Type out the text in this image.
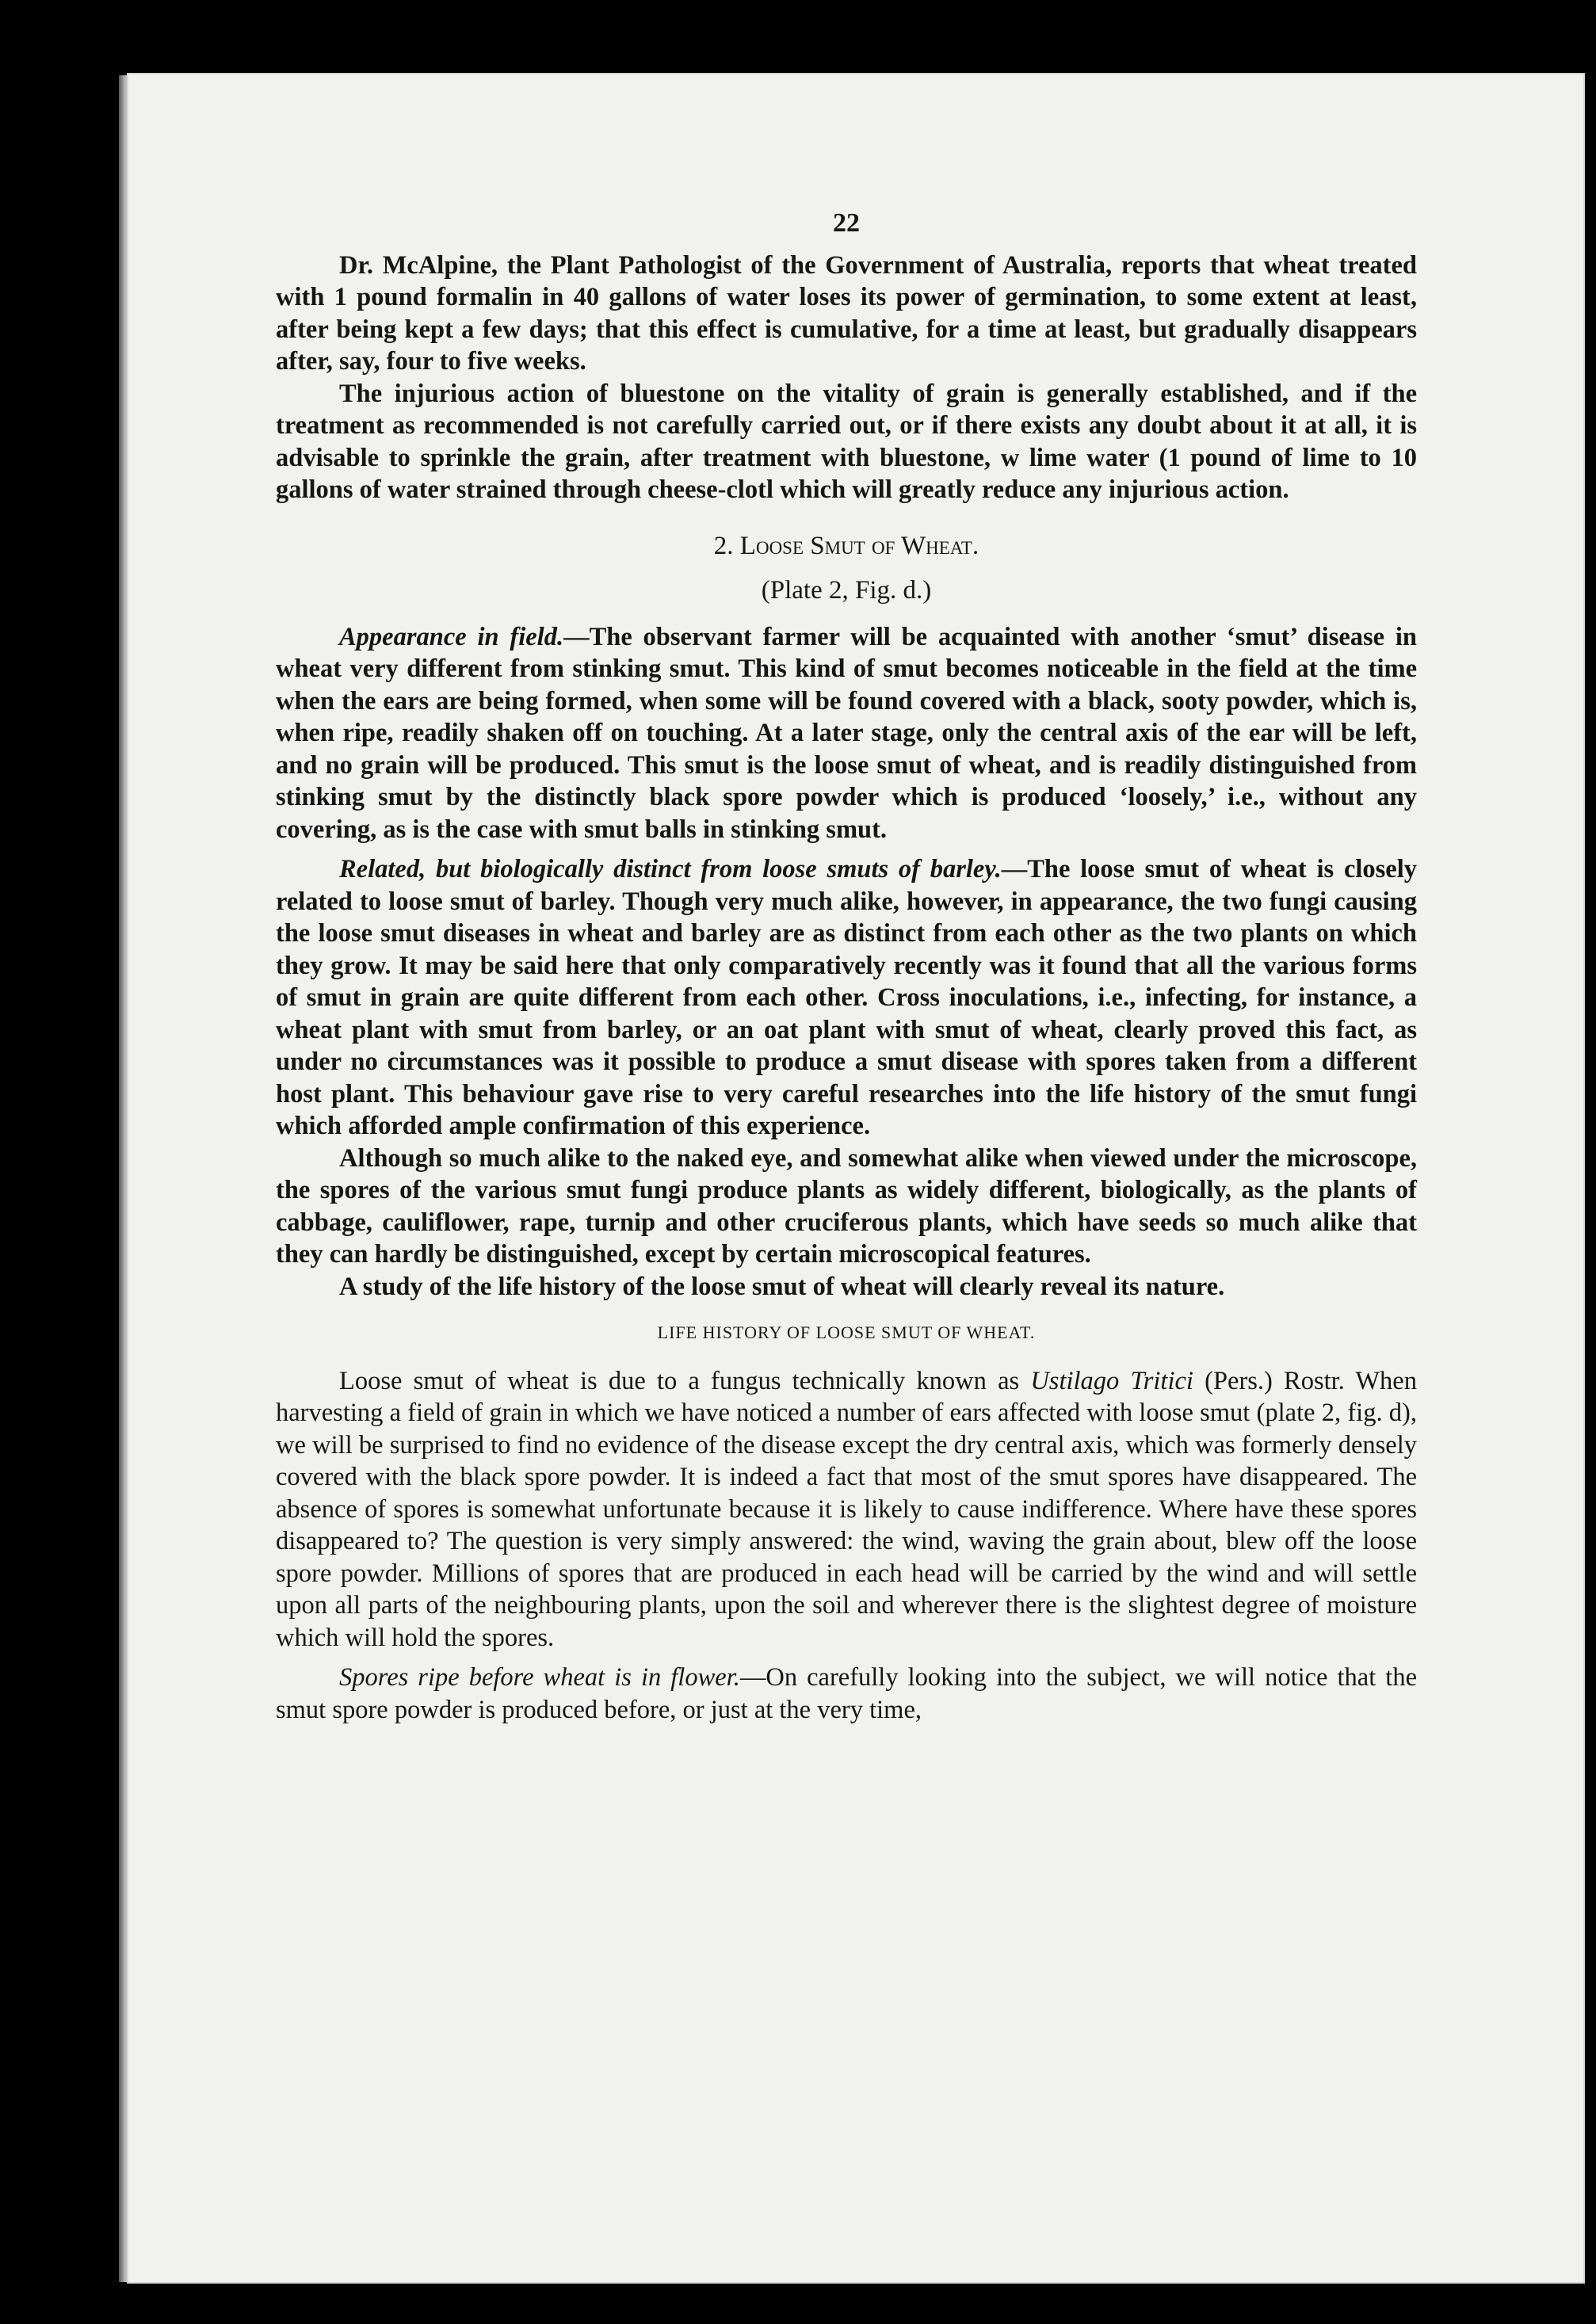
22

Dr. McAlpine, the Plant Pathologist of the Government of Australia, reports that wheat treated with 1 pound formalin in 40 gallons of water loses its power of germination, to some extent at least, after being kept a few days; that this effect is cumulative, for a time at least, but gradually disappears after, say, four to five weeks.

The injurious action of bluestone on the vitality of grain is generally established, and if the treatment as recommended is not carefully carried out, or if there exists any doubt about it at all, it is advisable to sprinkle the grain, after treatment with bluestone, w lime water (1 pound of lime to 10 gallons of water strained through cheese-clotl which will greatly reduce any injurious action.

2. Loose Smut of Wheat.
(Plate 2, Fig. d.)

Appearance in field.—The observant farmer will be acquainted with another ‘smut’ disease in wheat very different from stinking smut. This kind of smut becomes noticeable in the field at the time when the ears are being formed, when some will be found covered with a black, sooty powder, which is, when ripe, readily shaken off on touching. At a later stage, only the central axis of the ear will be left, and no grain will be produced. This smut is the loose smut of wheat, and is readily distinguished from stinking smut by the distinctly black spore powder which is produced ‘loosely,’ i.e., without any covering, as is the case with smut balls in stinking smut.

Related, but biologically distinct from loose smuts of barley.—The loose smut of wheat is closely related to loose smut of barley. Though very much alike, however, in appearance, the two fungi causing the loose smut diseases in wheat and barley are as distinct from each other as the two plants on which they grow. It may be said here that only comparatively recently was it found that all the various forms of smut in grain are quite different from each other. Cross inoculations, i.e., infecting, for instance, a wheat plant with smut from barley, or an oat plant with smut of wheat, clearly proved this fact, as under no circumstances was it possible to produce a smut disease with spores taken from a different host plant. This behaviour gave rise to very careful researches into the life history of the smut fungi which afforded ample confirmation of this experience.

Although so much alike to the naked eye, and somewhat alike when viewed under the microscope, the spores of the various smut fungi produce plants as widely different, biologically, as the plants of cabbage, cauliflower, rape, turnip and other cruciferous plants, which have seeds so much alike that they can hardly be distinguished, except by certain microscopical features.

A study of the life history of the loose smut of wheat will clearly reveal its nature.

LIFE HISTORY OF LOOSE SMUT OF WHEAT.

Loose smut of wheat is due to a fungus technically known as Ustilago Tritici (Pers.) Rostr. When harvesting a field of grain in which we have noticed a number of ears affected with loose smut (plate 2, fig. d), we will be surprised to find no evidence of the disease except the dry central axis, which was formerly densely covered with the black spore powder. It is indeed a fact that most of the smut spores have disappeared. The absence of spores is somewhat unfortunate because it is likely to cause indifference. Where have these spores disappeared to? The question is very simply answered: the wind, waving the grain about, blew off the loose spore powder. Millions of spores that are produced in each head will be carried by the wind and will settle upon all parts of the neighbouring plants, upon the soil and wherever there is the slightest degree of moisture which will hold the spores.

Spores ripe before wheat is in flower.—On carefully looking into the subject, we will notice that the smut spore powder is produced before, or just at the very time,
